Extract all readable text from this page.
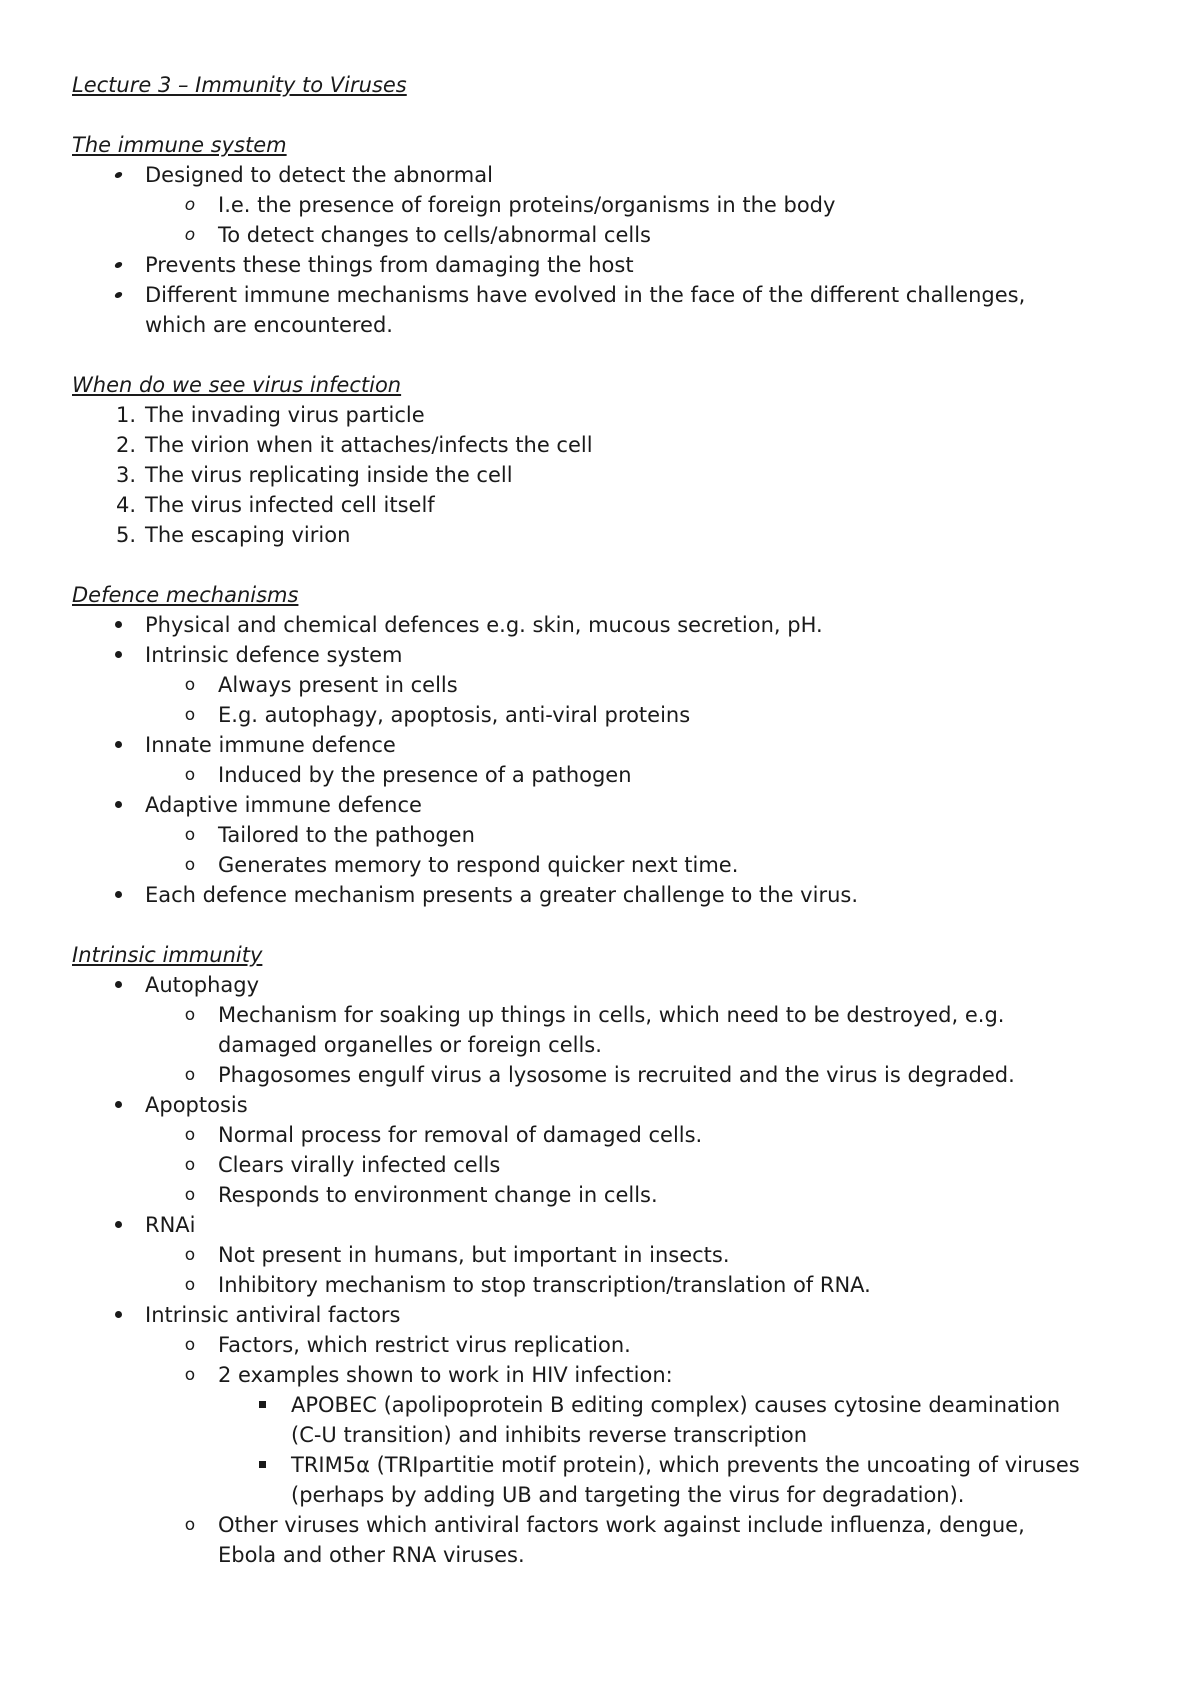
Lecture 3 – Immunity to Viruses
The immune system
Designed to detect the abnormal
o I.e. the presence of foreign proteins/organisms in the body
o To detect changes to cells/abnormal cells
Prevents these things from damaging the host
Different immune mechanisms have evolved in the face of the different challenges,
which are encountered.
When do we see virus infection
1. The invading virus particle
2. The virion when it attaches/infects the cell
3. The virus replicating inside the cell
4. The virus infected cell itself
5. The escaping virion
Defence mechanisms
Physical and chemical defences e.g. skin, mucous secretion, pH.
Intrinsic defence system
o Always present in cells
o E.g. autophagy, apoptosis, anti-viral proteins
Innate immune defence
o Induced by the presence of a pathogen
Adaptive immune defence
o Tailored to the pathogen
o Generates memory to respond quicker next time.
Each defence mechanism presents a greater challenge to the virus.
Intrinsic immunity
Autophagy
o Mechanism for soaking up things in cells, which need to be destroyed, e.g.
damaged organelles or foreign cells.
o Phagosomes engulf virus a lysosome is recruited and the virus is degraded.
Apoptosis
o Normal process for removal of damaged cells.
o Clears virally infected cells
o Responds to environment change in cells.
RNAi
o Not present in humans, but important in insects.
o Inhibitory mechanism to stop transcription/translation of RNA.
Intrinsic antiviral factors
o Factors, which restrict virus replication.
o 2 examples shown to work in HIV infection:
APOBEC (apolipoprotein B editing complex) causes cytosine deamination
(C-U transition) and inhibits reverse transcription
TRIM5α (TRIpartitie motif protein), which prevents the uncoating of viruses
(perhaps by adding UB and targeting the virus for degradation).
o Other viruses which antiviral factors work against include influenza, dengue,
Ebola and other RNA viruses.
